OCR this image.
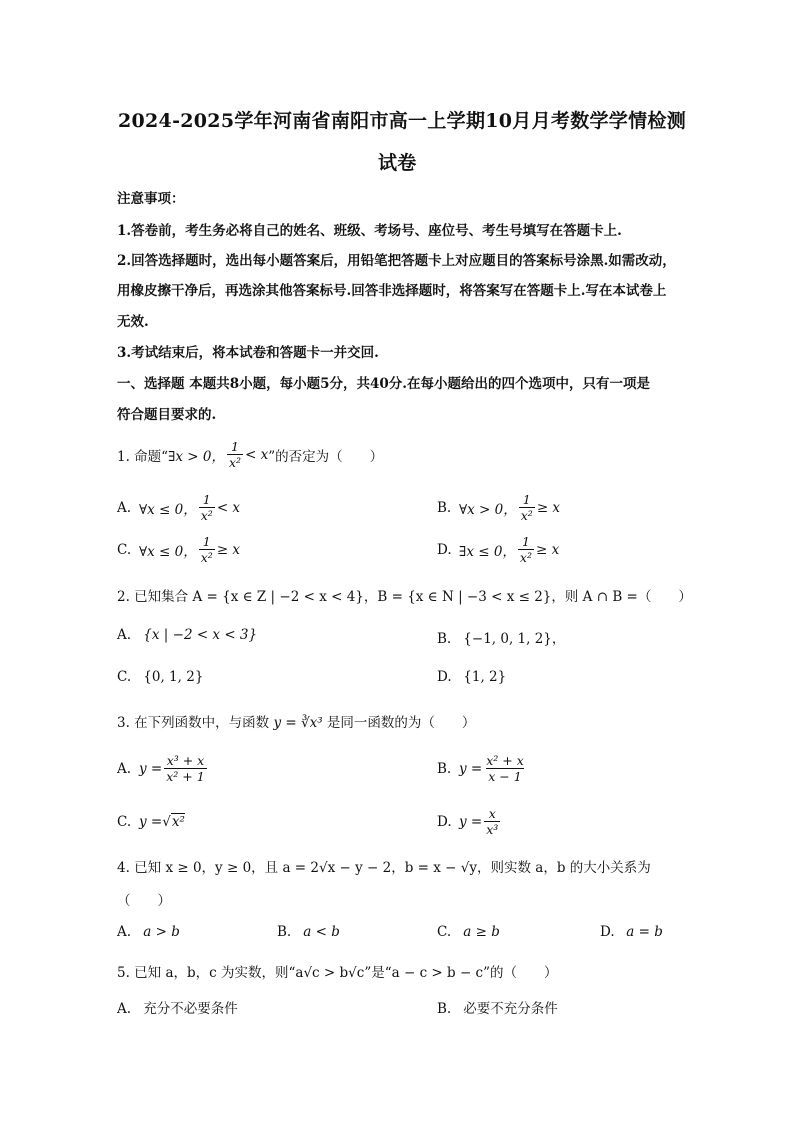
2024-2025学年河南省南阳市高一上学期10月月考数学学情检测
试卷
注意事项：
1.答卷前，考生务必将自己的姓名、班级、考场号、座位号、考生号填写在答题卡上.
2.回答选择题时，选出每小题答案后，用铅笔把答题卡上对应题目的答案标号涂黑.如需改动，
用橡皮擦干净后，再选涂其他答案标号.回答非选择题时，将答案写在答题卡上.写在本试卷上
无效.
3.考试结束后，将本试卷和答题卡一并交回.
一、选择题 本题共8小题，每小题5分，共40分.在每小题给出的四个选项中，只有一项是
符合题目要求的.
1. 命题“ ∃x > 0， $\frac{1}{\text{x²}} < x$ ”的否定为（　　）
A. ∀x ≤ 0， $\frac{1}{\text{x²}} < x$	B. ∀x > 0， $\frac{1}{\text{x²}} \ge x$
C. ∀x ≤ 0， $\frac{1}{\text{x²}} \ge x$	D. ∃x ≤ 0， $\frac{1}{\text{x²}} \ge x$
2. 已知集合 A = {x ∈ Z | −2 < x < 4}，B = {x ∈ N | −3 < x ≤ 2}，则 A ∩ B =（　　）
A. {x | −2 < x < 3}	B. {−1, 0, 1, 2}，
C. {0, 1, 2}	D. {1, 2}
3. 在下列函数中，与函数 y = ∛x³ 是同一函数的为（　　）
A. $y = \frac{\text{x³ + x}}{\text{x² + 1}}$	B. $y = \frac{\text{x² + x}}{x - 1}$
C. y = √ x²	D. $y = \frac{x}{\text{x³}}$
4. 已知 x ≥ 0，y ≥ 0，且 a = 2√x − y − 2，b = x − √y，则实数 a，b 的大小关系为
（　　）
A. a > b	B. a < b	C. a ≥ b	D. a = b
5. 已知 a，b，c 为实数，则“a√c > b√c”是“a − c > b − c”的（　　）
A. 充分不必要条件	B. 必要不充分条件
